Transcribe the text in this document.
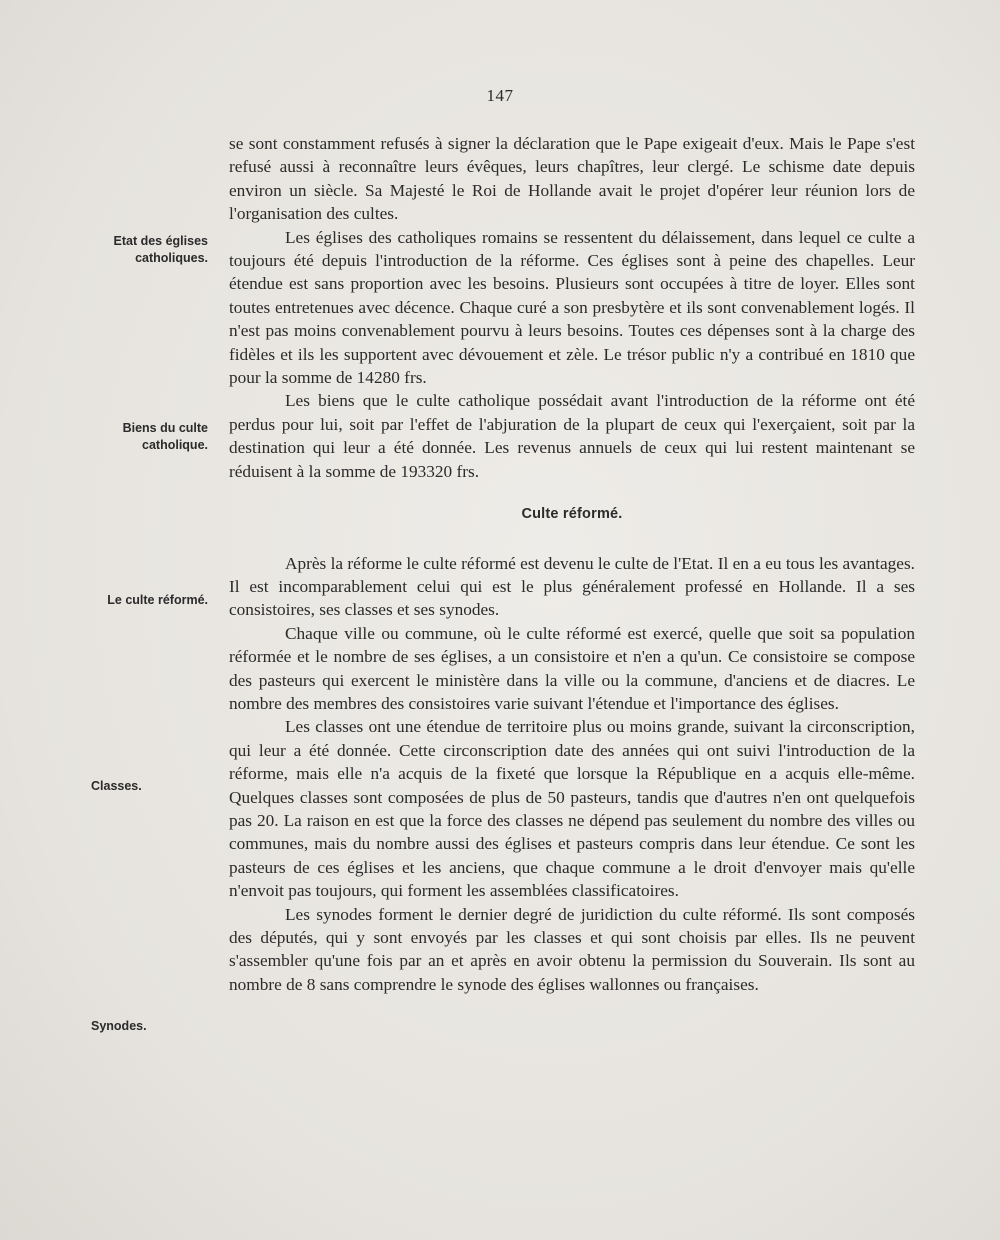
147
Etat des églises
catholiques.
Biens du culte
catholique.
Le culte réformé.
Classes.
Synodes.

se sont constamment refusés à signer la déclaration que le Pape exigeait d'eux. Mais le Pape s'est refusé aussi à reconnaître leurs évêques, leurs chapîtres, leur clergé. Le schisme date depuis environ un siècle. Sa Majesté le Roi de Hollande avait le projet d'opérer leur réunion lors de l'organisation des cultes.

Les églises des catholiques romains se ressentent du délaissement, dans lequel ce culte a toujours été depuis l'introduction de la réforme. Ces églises sont à peine des chapelles. Leur étendue est sans proportion avec les besoins. Plusieurs sont occupées à titre de loyer. Elles sont toutes entretenues avec décence. Chaque curé a son presbytère et ils sont convenablement logés. Il n'est pas moins convenablement pourvu à leurs besoins. Toutes ces dépenses sont à la charge des fidèles et ils les supportent avec dévouement et zèle. Le trésor public n'y a contribué en 1810 que pour la somme de 14280 frs.

Les biens que le culte catholique possédait avant l'introduction de la réforme ont été perdus pour lui, soit par l'effet de l'abjuration de la plupart de ceux qui l'exerçaient, soit par la destination qui leur a été donnée. Les revenus annuels de ceux qui lui restent maintenant se réduisent à la somme de 193320 frs.

Culte réformé.

Après la réforme le culte réformé est devenu le culte de l'Etat. Il en a eu tous les avantages. Il est incomparablement celui qui est le plus généralement professé en Hollande. Il a ses consistoires, ses classes et ses synodes.

Chaque ville ou commune, où le culte réformé est exercé, quelle que soit sa population réformée et le nombre de ses églises, a un consistoire et n'en a qu'un. Ce consistoire se compose des pasteurs qui exercent le ministère dans la ville ou la commune, d'anciens et de diacres. Le nombre des membres des consistoires varie suivant l'étendue et l'importance des églises.

Les classes ont une étendue de territoire plus ou moins grande, suivant la circonscription, qui leur a été donnée. Cette circonscription date des années qui ont suivi l'introduction de la réforme, mais elle n'a acquis de la fixeté que lorsque la République en a acquis elle-même. Quelques classes sont composées de plus de 50 pasteurs, tandis que d'autres n'en ont quelquefois pas 20. La raison en est que la force des classes ne dépend pas seulement du nombre des villes ou communes, mais du nombre aussi des églises et pasteurs compris dans leur étendue. Ce sont les pasteurs de ces églises et les anciens, que chaque commune a le droit d'envoyer mais qu'elle n'envoit pas toujours, qui forment les assemblées classificatoires.

Les synodes forment le dernier degré de juridiction du culte réformé. Ils sont composés des députés, qui y sont envoyés par les classes et qui sont choisis par elles. Ils ne peuvent s'assembler qu'une fois par an et après en avoir obtenu la permission du Souverain. Ils sont au nombre de 8 sans comprendre le synode des églises wallonnes ou françaises.
